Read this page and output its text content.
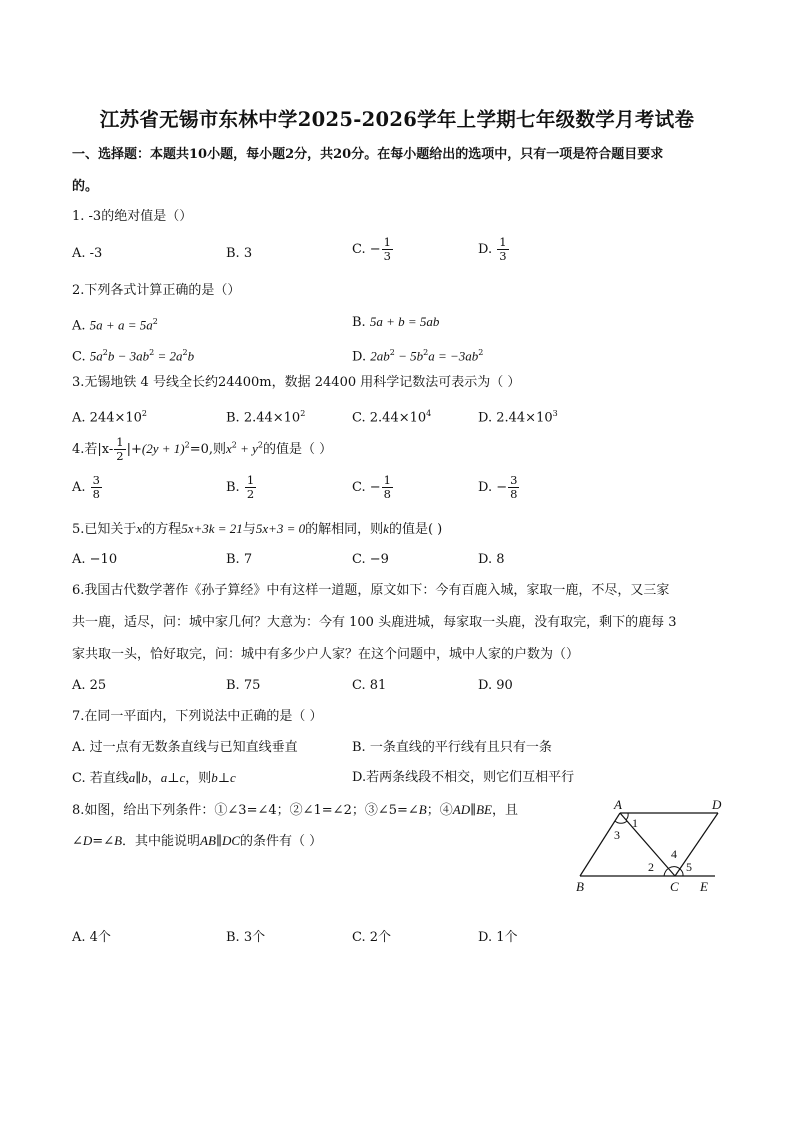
江苏省无锡市东林中学2025-2026学年上学期七年级数学月考试卷
一、选择题：本题共10小题，每小题2分，共20分。在每小题给出的选项中，只有一项是符合题目要求
的。
1. -3的绝对值是（）
A. -3	B. 3	C. − $\frac{1}{3}$	D. $\frac{1}{3}$
2.下列各式计算正确的是（）
A. $5a + a = 5a^2$	B. 5a + b = 5ab
C. $5a^2b - 3ab^2 = 2a^2b$	D. $2ab^2 - 5b^2a = -3ab^2$
3.无锡地铁 4 号线全长约24400m，数据 24400 用科学记数法可表示为（ ）
A. $244\times 10^2$	B. $2.44\times 10^2$	C. $2.44\times 10^4$	D. $2.44\times 10^3$
4.若$|x- \frac{1}{2} |+(2y + 1)^2=0$,则$x^2 + y^2$的值是（ ）
A. $\frac{3}{8}$	B. $\frac{1}{2}$	C. − $\frac{1}{8}$	D. − $\frac{3}{8}$
5.已知关于x的方程5x+3k = 21与5x+3 = 0的解相同，则k的值是( )
A. −10	B. 7	C. −9	D. 8
6.我国古代数学著作《孙子算经》中有这样一道题，原文如下：今有百鹿入城，家取一鹿，不尽，又三家
共一鹿，适尽，问：城中家几何？大意为：今有 100 头鹿进城，每家取一头鹿，没有取完，剩下的鹿每 3
家共取一头，恰好取完，问：城中有多少户人家？在这个问题中，城中人家的户数为（）
A. 25	B. 75	C. 81	D. 90
7.在同一平面内，下列说法中正确的是（ ）
A. 过一点有无数条直线与已知直线垂直	B. 一条直线的平行线有且只有一条
C. 若直线a∥b，a⊥c，则b⊥c	D.若两条线段不相交，则它们互相平行
8.如图，给出下列条件：①∠3=∠4；②∠1=∠2；③∠5=∠B；④AD∥BE，且
∠D=∠B．其中能说明AB∥DC的条件有（ ）
A	D
B	C E
1
2
3
4
5
A. 4个	B. 3个	C. 2个	D. 1个
